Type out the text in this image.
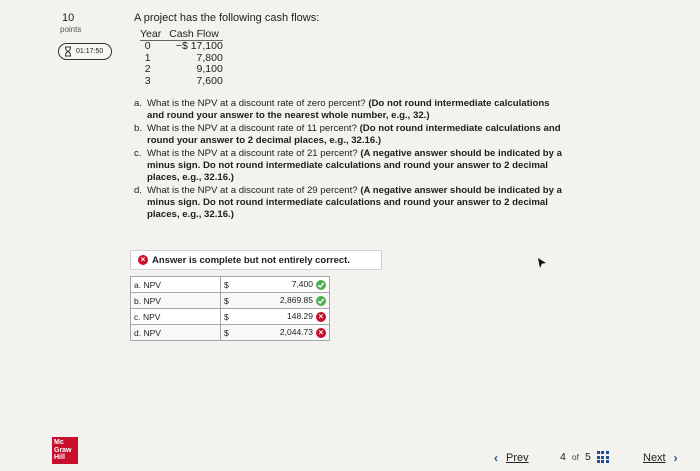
10
points
01:17:50
A project has the following cash flows:
Year	Cash Flow
0	−$ 17,100
1	7,800
2	9,100
3	7,600
a. What is the NPV at a discount rate of zero percent? (Do not round intermediate calculations and round your answer to the nearest whole number, e.g., 32.)
b. What is the NPV at a discount rate of 11 percent? (Do not round intermediate calculations and round your answer to 2 decimal places, e.g., 32.16.)
c. What is the NPV at a discount rate of 21 percent? (A negative answer should be indicated by a minus sign. Do not round intermediate calculations and round your answer to 2 decimal places, e.g., 32.16.)
d. What is the NPV at a discount rate of 29 percent? (A negative answer should be indicated by a minus sign. Do not round intermediate calculations and round your answer to 2 decimal places, e.g., 32.16.)
× Answer is complete but not entirely correct.
a. NPV	$	7,400

b. NPV	$	2,869.85

c. NPV	$	148.29 ×
d. NPV	$	2,044.73 ×
Mc
Graw
Hill	‹ Prev	4 of 5	Next ›
